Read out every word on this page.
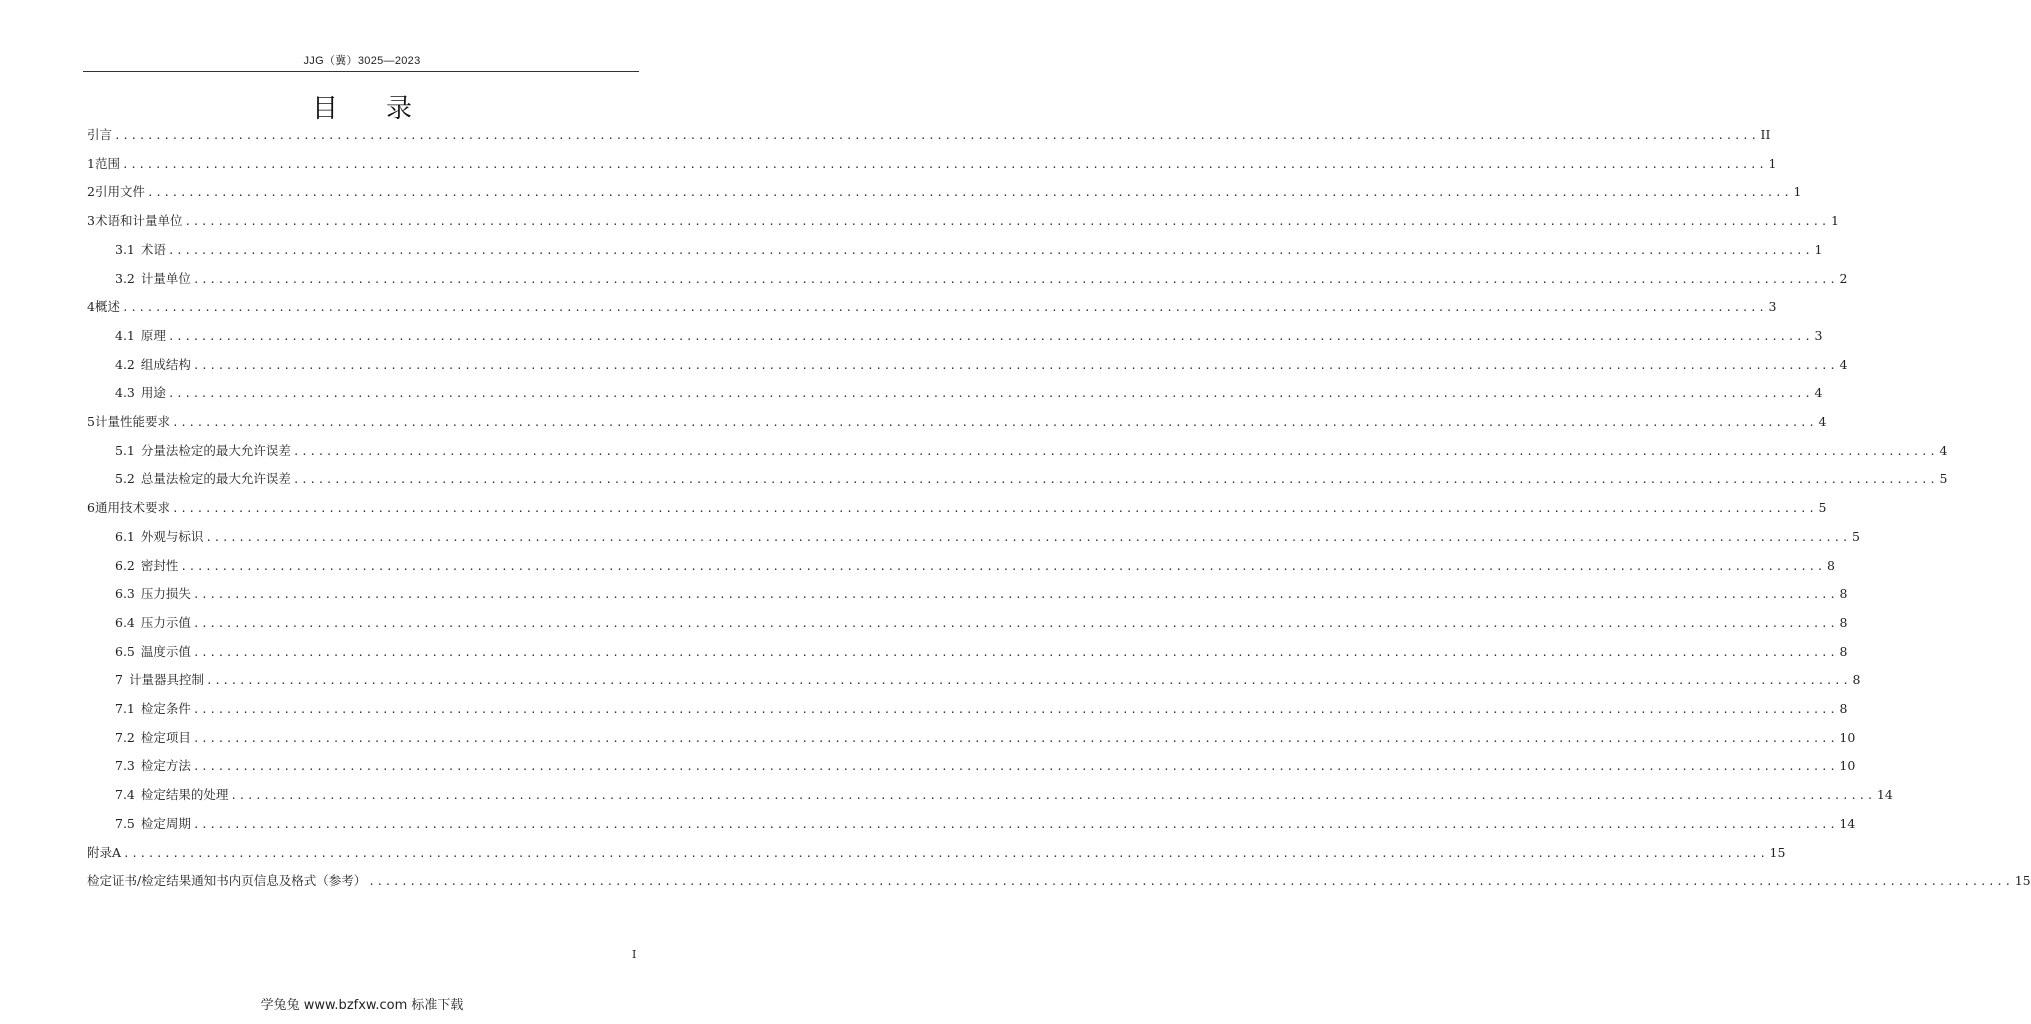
JJG（冀）3025—2023
目 录
引 言 ........................................................................................................................................................................................................ II
1 范围 ........................................................................................................................................................................................................ 1
2 引用文件 ........................................................................................................................................................................................................ 1
3 术语和计量单位 ........................................................................................................................................................................................................ 1
3.1 术语 ........................................................................................................................................................................................................ 1
3.2 计量单位 ........................................................................................................................................................................................................ 2
4 概述 ........................................................................................................................................................................................................ 3
4.1 原理 ........................................................................................................................................................................................................ 3
4.2 组成结构 ........................................................................................................................................................................................................ 4
4.3 用途 ........................................................................................................................................................................................................ 4
5 计量性能要求 ........................................................................................................................................................................................................ 4
5.1 分量法检定的最大允许误差 ........................................................................................................................................................................................................ 4
5.2 总量法检定的最大允许误差 ........................................................................................................................................................................................................ 5
6 通用技术要求 ........................................................................................................................................................................................................ 5
6.1 外观与标识 ........................................................................................................................................................................................................ 5
6.2 密封性 ........................................................................................................................................................................................................ 8
6.3 压力损失 ........................................................................................................................................................................................................ 8
6.4 压力示值 ........................................................................................................................................................................................................ 8
6.5 温度示值 ........................................................................................................................................................................................................ 8
7 计量器具控制 ........................................................................................................................................................................................................ 8
7.1 检定条件 ........................................................................................................................................................................................................ 8
7.2 检定项目 ........................................................................................................................................................................................................ 10
7.3 检定方法 ........................................................................................................................................................................................................ 10
7.4 检定结果的处理 ........................................................................................................................................................................................................ 14
7.5 检定周期 ........................................................................................................................................................................................................ 14
附录A ........................................................................................................................................................................................................ 15
检定证书/检定结果通知书内页信息及格式（参考） ........................................................................................................................................................................................................ 15
I
学兔兔 www.bzfxw.com 标准下载
